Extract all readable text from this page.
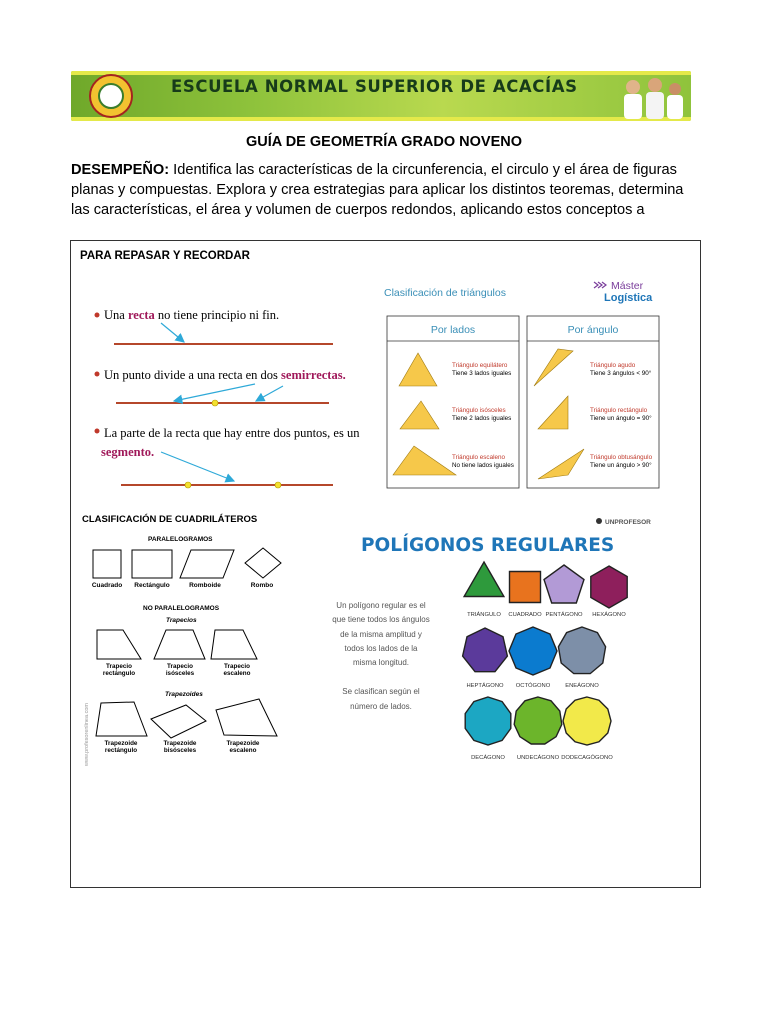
ESCUELA NORMAL SUPERIOR DE ACACÍAS
GUÍA DE GEOMETRÍA GRADO NOVENO
DESEMPEÑO: Identifica las características de la circunferencia, el circulo y el área de figuras planas y compuestas. Explora y crea estrategias para aplicar los distintos teoremas, determina las características, el área y volumen de cuerpos redondos, aplicando estos conceptos a
PARA REPASAR Y RECORDAR
Una recta no tiene principio ni fin.
Un punto divide a una recta en dos semirrectas.
La parte de la recta que hay entre dos puntos, es un
segmento.
Clasificación de triángulos
Máster
Logística
Por lados	Por ángulo
Triángulo equilátero
Tiene 3 lados iguales
Triángulo isósceles
Tiene 2 lados iguales
Triángulo escaleno
No tiene lados iguales
Triángulo agudo
Tiene 3 ángulos < 90°
Triángulo rectángulo
Tiene un ángulo = 90°
Triángulo obtusángulo
Tiene un ángulo > 90°
CLASIFICACIÓN DE CUADRILÁTEROS
PARALELOGRAMOS
Cuadrado Rectángulo	Romboide	Rombo
NO PARALELOGRAMOS
Trapecios
Trapecio
rectángulo
Trapecio
isósceles
Trapecio
escaleno
Trapezoides
Trapezoide
rectángulo
Trapezoide
bisósceles
Trapezoide
escaleno
www.profesorenlinea.com
POLÍGONOS REGULARES
UNPROFESOR
Un polígono regular es el
que tiene todos los ángulos
de la misma amplitud y
todos los lados de la
misma longitud.
Se clasifican según el
número de lados.
TRIÁNGULO CUADRADO PENTÁGONO HEXÁGONO
HEPTÁGONO OCTÓGONO	ENEÁGONO
DECÁGONO UNDECÁGONO DODECAGÓGONO
